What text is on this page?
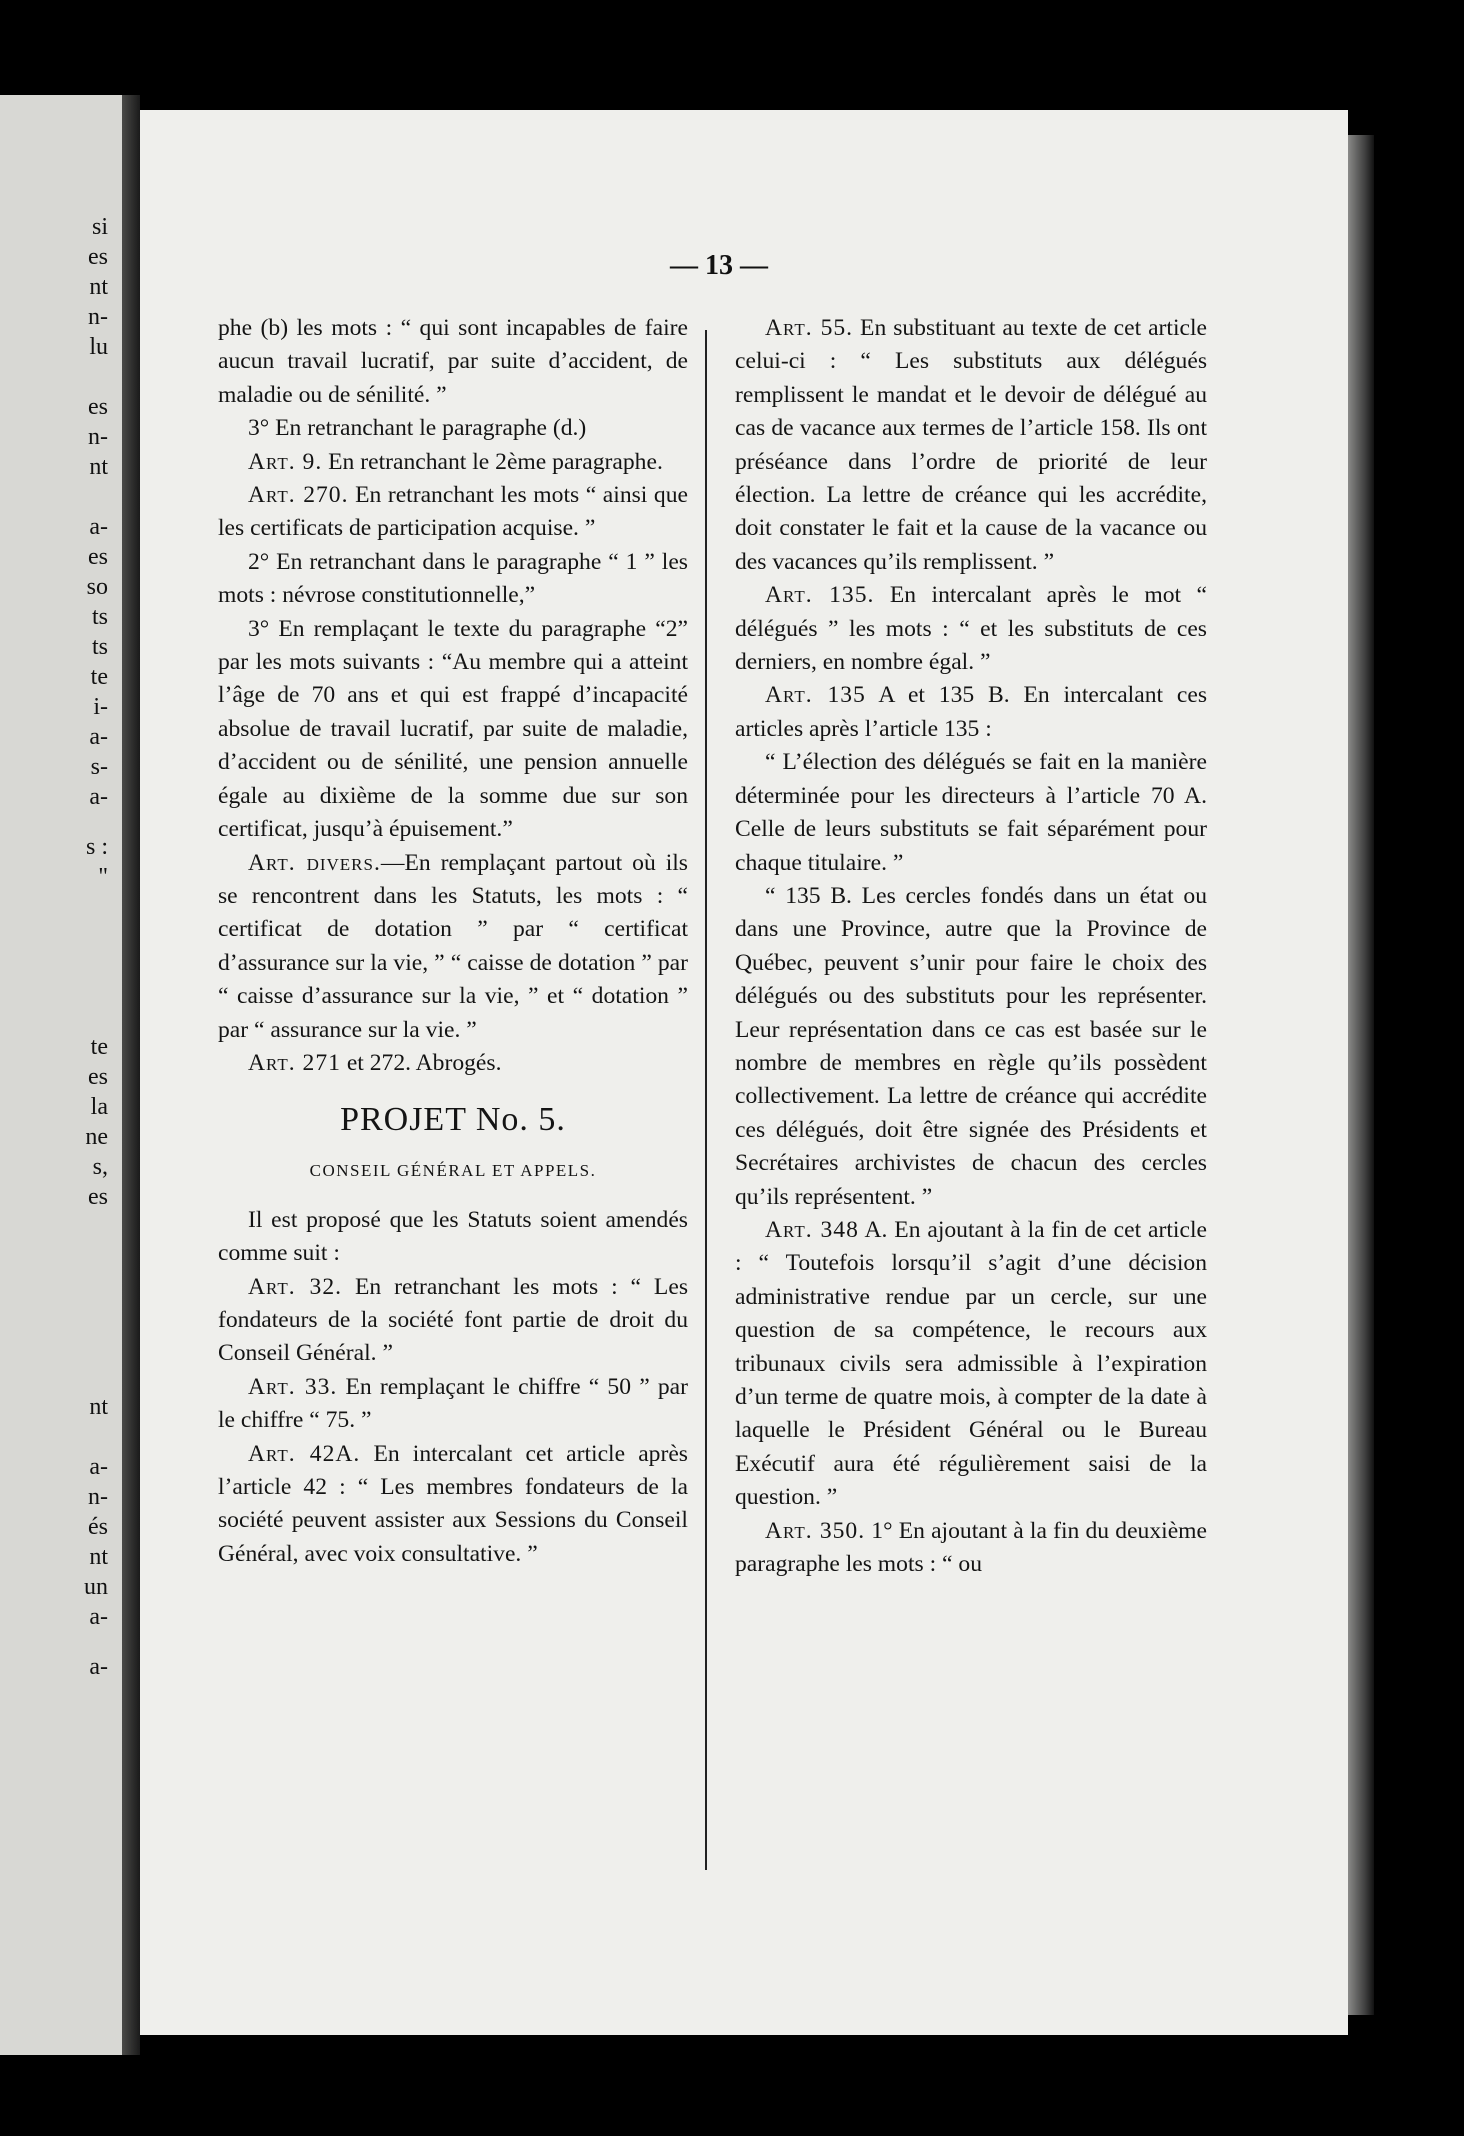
si
es
nt
n-
lu
es
n-
nt
a-
es
so
ts
ts
te
i-
a-
s-
a-
s :
"
te
es
la
ne
s,
es
nt
a-
n-
és
nt
un
a-
a-
— 13 —

phe (b) les mots : “ qui sont incapables de faire aucun travail lucratif, par suite d’accident, de maladie ou de sénilité. ”

3° En retranchant le paragraphe (d.)

Art. 9. En retranchant le 2ème paragraphe.

Art. 270. En retranchant les mots “ ainsi que les certificats de participation acquise. ”

2° En retranchant dans le paragraphe “ 1 ” les mots : névrose constitutionnelle,”

3° En remplaçant le texte du paragraphe “2” par les mots suivants : “Au membre qui a atteint l’âge de 70 ans et qui est frappé d’incapacité absolue de travail lucratif, par suite de maladie, d’accident ou de sénilité, une pension annuelle égale au dixième de la somme due sur son certificat, jusqu’à épuisement.”

Art. divers.—En remplaçant partout où ils se rencontrent dans les Statuts, les mots : “ certificat de dotation ” par “ certificat d’assurance sur la vie, ” “ caisse de dotation ” par “ caisse d’assurance sur la vie, ” et “ dotation ” par “ assurance sur la vie. ”

Art. 271 et 272. Abrogés.

PROJET No. 5.

CONSEIL GÉNÉRAL ET APPELS.

Il est proposé que les Statuts soient amendés comme suit :

Art. 32. En retranchant les mots : “ Les fondateurs de la société font partie de droit du Conseil Général. ”

Art. 33. En remplaçant le chiffre “ 50 ” par le chiffre “ 75. ”

Art. 42A. En intercalant cet article après l’article 42 : “ Les membres fondateurs de la société peuvent assister aux Sessions du Conseil Général, avec voix consultative. ”

Art. 55. En substituant au texte de cet article celui-ci : “ Les substituts aux délégués remplissent le mandat et le devoir de délégué au cas de vacance aux termes de l’article 158. Ils ont préséance dans l’ordre de priorité de leur élection. La lettre de créance qui les accrédite, doit constater le fait et la cause de la vacance ou des vacances qu’ils remplissent. ”

Art. 135. En intercalant après le mot “ délégués ” les mots : “ et les substituts de ces derniers, en nombre égal. ”

Art. 135 A et 135 B. En intercalant ces articles après l’article 135 :

“ L’élection des délégués se fait en la manière déterminée pour les directeurs à l’article 70 A. Celle de leurs substituts se fait séparément pour chaque titulaire. ”

“ 135 B. Les cercles fondés dans un état ou dans une Province, autre que la Province de Québec, peuvent s’unir pour faire le choix des délégués ou des substituts pour les représenter. Leur représentation dans ce cas est basée sur le nombre de membres en règle qu’ils possèdent collectivement. La lettre de créance qui accrédite ces délégués, doit être signée des Présidents et Secrétaires archivistes de chacun des cercles qu’ils représentent. ”

Art. 348 A. En ajoutant à la fin de cet article : “ Toutefois lorsqu’il s’agit d’une décision administrative rendue par un cercle, sur une question de sa compétence, le recours aux tribunaux civils sera admissible à l’expiration d’un terme de quatre mois, à compter de la date à laquelle le Président Général ou le Bureau Exécutif aura été régulièrement saisi de la question. ”

Art. 350. 1° En ajoutant à la fin du deuxième paragraphe les mots : “ ou
